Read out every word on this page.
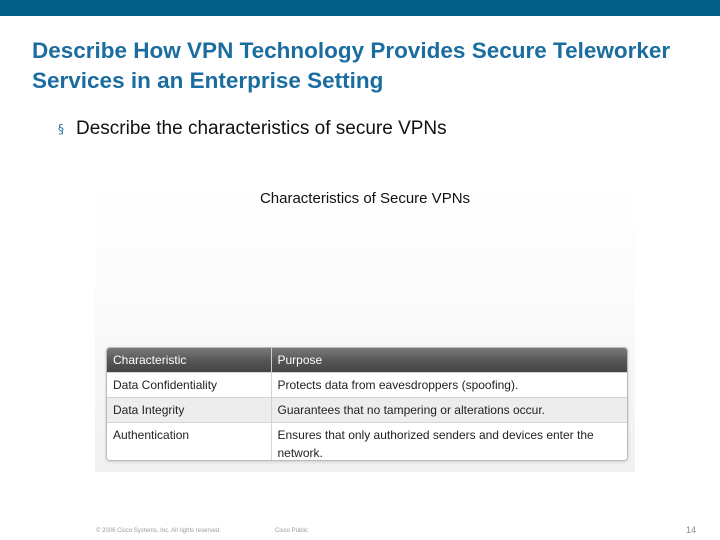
Describe How VPN Technology Provides Secure Teleworker Services in an Enterprise Setting
§ Describe the characteristics of secure VPNs
Characteristics of Secure VPNs
Characteristic	Purpose
Data Confidentiality	Protects data from eavesdroppers (spoofing).
Data Integrity	Guarantees that no tampering or alterations occur.
Authentication	Ensures that only authorized senders and devices enter the network.
© 2006 Cisco Systems, Inc. All rights reserved.	Cisco Public	14
